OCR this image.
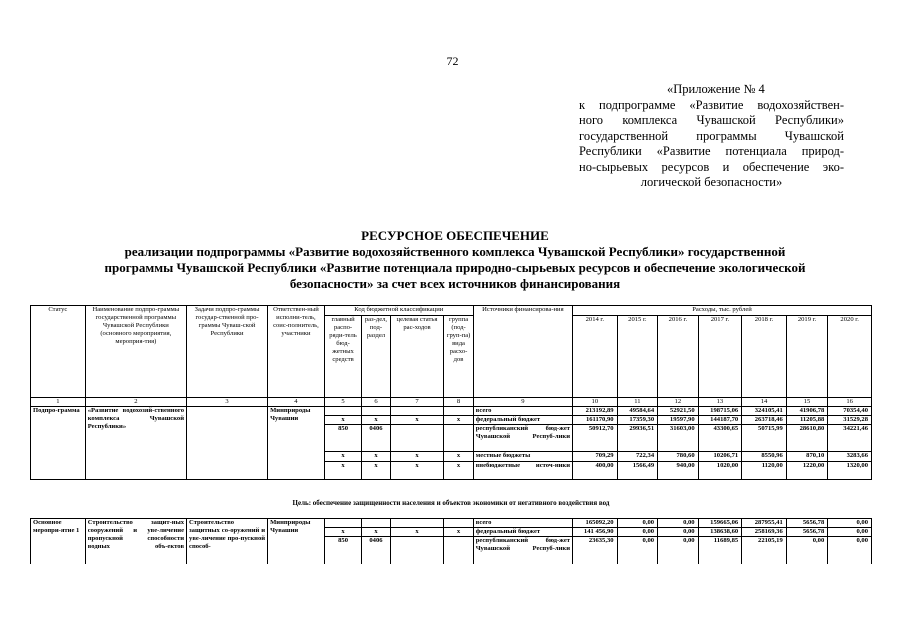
72
«Приложение № 4
к подпрограмме «Развитие водохозяйствен-
ного комплекса Чувашской Республики»
государственной программы Чувашской
Республики «Развитие потенциала природ-
но-сырьевых ресурсов и обеспечение эко-
логической безопасности»
РЕСУРСНОЕ ОБЕСПЕЧЕНИЕ
реализации подпрограммы «Развитие водохозяйственного комплекса Чувашской Республики» государственной
программы Чувашской Республики «Развитие потенциала природно-сырьевых ресурсов и обеспечение экологической
безопасности» за счет всех источников финансирования
Статус	Наименование подпро-граммы государственной программы Чувашской Республики (основного мероприятия, мероприя-тия)	Задачи подпро-граммы государ-ственной про-граммы Чуваш-ской Республики	Ответствен-ный исполни-тель, соис-полнитель, участники	Код бюджетной классификации				Источники финансирова-ния	Расходы, тыс. рублей						
				главный распо-ряди-тель бюд-жетных средств	раз-дел, под-раздел	целевая статья рас-ходов	группа (под-груп-па) вида расхо-дов		2014 г.	2015 г.	2016 г.	2017 г.	2018 г.	2019 г.	2020 г.
1	2	3	4	5	6	7	8	9	10	11	12	13	14	15	16
Подпро-грамма	«Развитие водохозяй-ственного комплекса Чувашской Республики»		Минприроды Чувашии					всего	213192,89	49584,64	52921,50	198715,06	324105,41	41906,78	70354,40
				х	х	х	х	федеральный бюджет	161170,90	17359,30	19597,90	144187,70	263718,46	11205,88	31529,28
				850	0406			республиканский бюд-жет Чувашской Респуб-лики	50912,70	29936,51	31603,00	43300,65	50715,99	28610,80	34221,46
				х	х	х	х	местные бюджеты	709,29	722,34	780,60	10206,71	8550,96	870,10	3283,66
				х	х	х	х	внебюджетные источ-ники	400,00	1566,49	940,00	1020,00	1120,00	1220,00	1320,00
Цель: обеспечение защищенности населения и объектов экономики от негативного воздействия вод
Основное меропри-ятие 1	Строительство защит-ных сооружений и уве-личение пропускной способности водных объ-ектов	Строительство защитных со-оружений и уве-личение про-пускной способ-	Минприроды Чувашии					всего	165092,20	0,00	0,00	159665,06	287955,41	5656,78	0,00
				х	х	х	х	федеральный бюджет	141 456,90	0,00	0,00	138638,60	258169,36	5656,78	0,00
				850	0406			республиканский бюд-жет Чувашской Респуб-лики	23635,30	0,00	0,00	11689,85	22105,19	0,00	0,00
